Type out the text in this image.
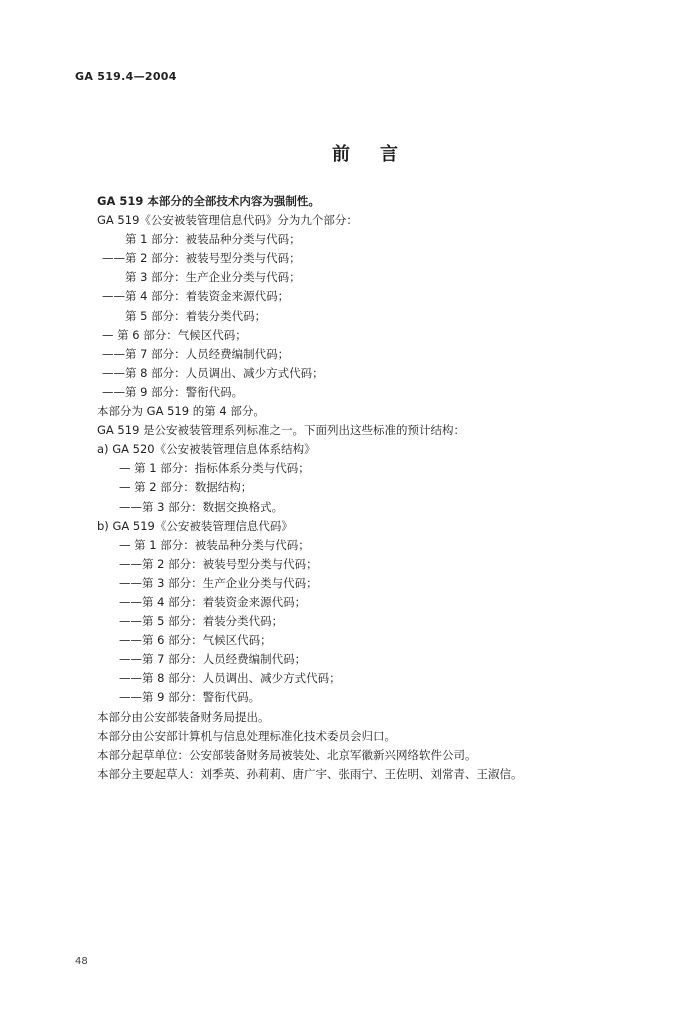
GA 519.4—2004
前言
GA 519 本部分的全部技术内容为强制性。
GA 519《公安被装管理信息代码》分为九个部分：
第 1 部分：被装品种分类与代码；
——第 2 部分：被装号型分类与代码；
第 3 部分：生产企业分类与代码；
——第 4 部分：着装资金来源代码；
第 5 部分：着装分类代码；
— 第 6 部分：气候区代码；
——第 7 部分：人员经费编制代码；
——第 8 部分：人员调出、减少方式代码；
——第 9 部分：警衔代码。
本部分为 GA 519 的第 4 部分。
GA 519 是公安被装管理系列标准之一。下面列出这些标准的预计结构：
a) GA 520《公安被装管理信息体系结构》
— 第 1 部分：指标体系分类与代码；
— 第 2 部分：数据结构；
——第 3 部分：数据交换格式。
b) GA 519《公安被装管理信息代码》
— 第 1 部分：被装品种分类与代码；
——第 2 部分：被装号型分类与代码；
——第 3 部分：生产企业分类与代码；
——第 4 部分：着装资金来源代码；
——第 5 部分：着装分类代码；
——第 6 部分：气候区代码；
——第 7 部分：人员经费编制代码；
——第 8 部分：人员调出、减少方式代码；
——第 9 部分：警衔代码。
本部分由公安部装备财务局提出。
本部分由公安部计算机与信息处理标准化技术委员会归口。
本部分起草单位：公安部装备财务局被装处、北京军徽新兴网络软件公司。
本部分主要起草人：刘季英、孙莉莉、唐广宇、张雨宁、王佐明、刘常青、王淑信。
48
